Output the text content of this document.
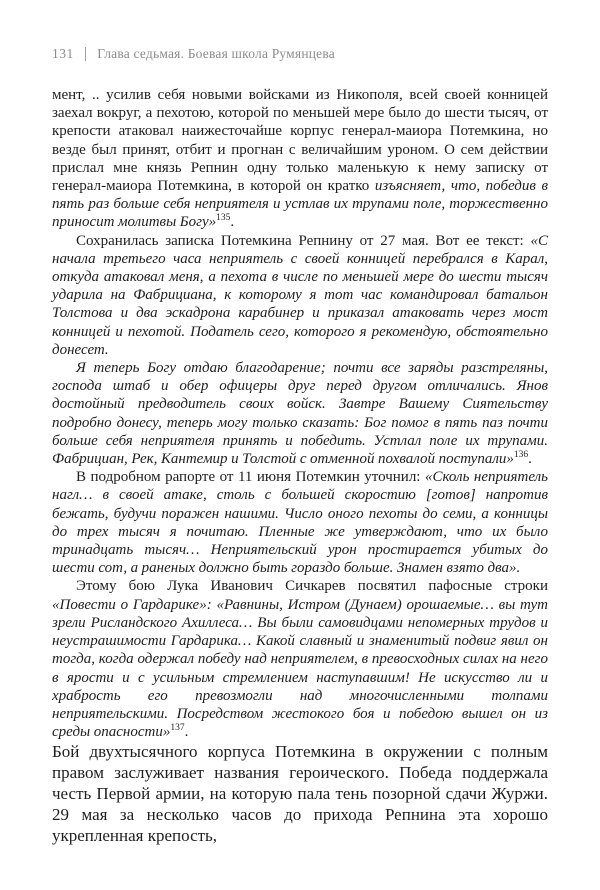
131 Глава седьмая. Боевая школа Румянцева

мент, .. усилив себя новыми войсками из Никополя, всей своей конницей заехал вокруг, а пехотою, которой по меньшей мере было до шести тысяч, от крепости атаковал наижесточайше корпус генерал-маиора Потемкина, но везде был принят, отбит и прогнан с величайшим уроном. О сем действии прислал мне князь Репнин одну только маленькую к нему записку от генерал-маиора Потемкина, в которой он кратко изъясняет, что, победив в пять раз больше себя неприятеля и устлав их трупами поле, торжественно приносит молитвы Богу»$^{135}$.

Сохранилась записка Потемкина Репнину от 27 мая. Вот ее текст: «С начала третьего часа неприятель с своей конницей перебрался в Карал, откуда атаковал меня, а пехота в числе по меньшей мере до шести тысяч ударила на Фабрициана, к которому я тот час командировал батальон Толстова и два эскадрона карабинер и приказал атаковать через мост конницей и пехотой. Податель сего, которого я рекомендую, обстоятельно донесет.

Я теперь Богу отдаю благодарение; почти все заряды разстреляны, господа штаб и обер офицеры друг перед другом отличались. Янов достойный предводитель своих войск. Завтре Вашему Сиятельству подробно донесу, теперь могу только сказать: Бог помог в пять паз почти больше себя неприятеля принять и победить. Устлал поле их трупами. Фабрициан, Рек, Кантемир и Толстой с отменной похвалой поступали»$^{136}$.

В подробном рапорте от 11 июня Потемкин уточнил: «Сколь неприятель нагл… в своей атаке, столь с большей скоростию [готов] напротив бежать, будучи поражен нашими. Число оного пехоты до семи, а конницы до трех тысяч я почитаю. Пленные же утверждают, что их было тринадцать тысяч… Неприятельский урон простирается убитых до шести сот, а раненых должно быть гораздо больше. Знамен взято два».

Этому бою Лука Иванович Сичкарев посвятил пафосные строки «Повести о Гардарике»: «Равнины, Истром (Дунаем) орошаемые… вы тут зрели Рисландского Ахиллеса… Вы были самовидцами непомерных трудов и неустрашимости Гардарика… Какой славный и знаменитый подвиг явил он тогда, когда одержал победу над неприятелем, в превосходных силах на него в ярости и с усильным стремлением наступавшим! Не искусство ли и храбрость его превозмогли над многочисленными толпами неприятельскими. Посредством жестокого боя и победою вышел он из среды опасности»$^{137}$.

Бой двухтысячного корпуса Потемкина в окружении с полным правом заслуживает названия героического. Победа поддержала честь Первой армии, на которую пала тень позорной сдачи Журжи. 29 мая за несколько часов до прихода Репнина эта хорошо укрепленная крепость,
